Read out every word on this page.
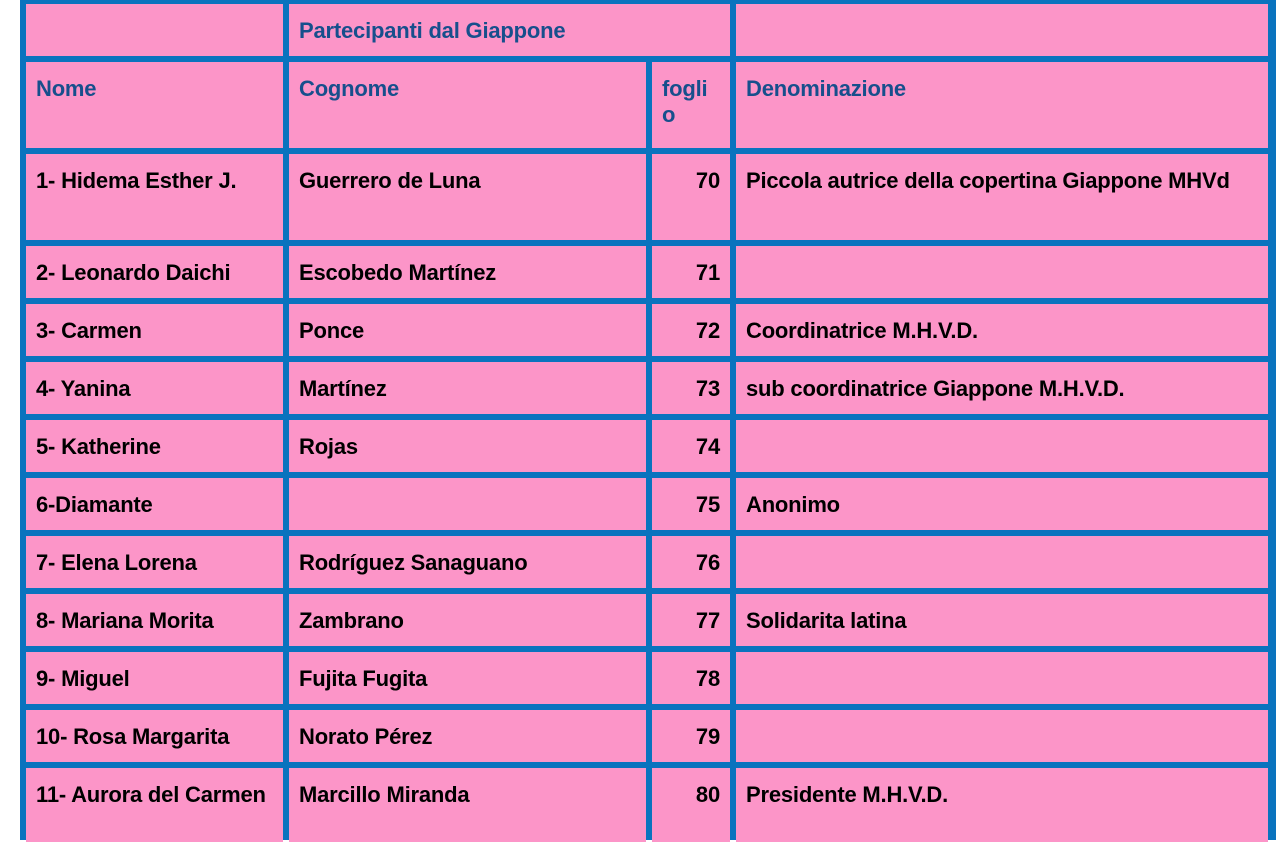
	Partecipanti dal Giappone		
Nome	Cognome	fogli o	Denominazione
1- Hidema Esther J.	Guerrero de Luna	70	Piccola autrice della copertina Giappone MHVd
2- Leonardo Daichi	Escobedo Martínez	71	
3- Carmen	Ponce	72	Coordinatrice M.H.V.D.
4- Yanina	Martínez	73	sub coordinatrice Giappone M.H.V.D.
5- Katherine	Rojas	74	
6-Diamante		75	Anonimo
7- Elena Lorena	Rodríguez Sanaguano	76	
8- Mariana Morita	Zambrano	77	Solidarita latina
9- Miguel	Fujita Fugita	78	
10- Rosa Margarita	Norato Pérez	79	
11- Aurora del Carmen	Marcillo Miranda	80	Presidente M.H.V.D.
